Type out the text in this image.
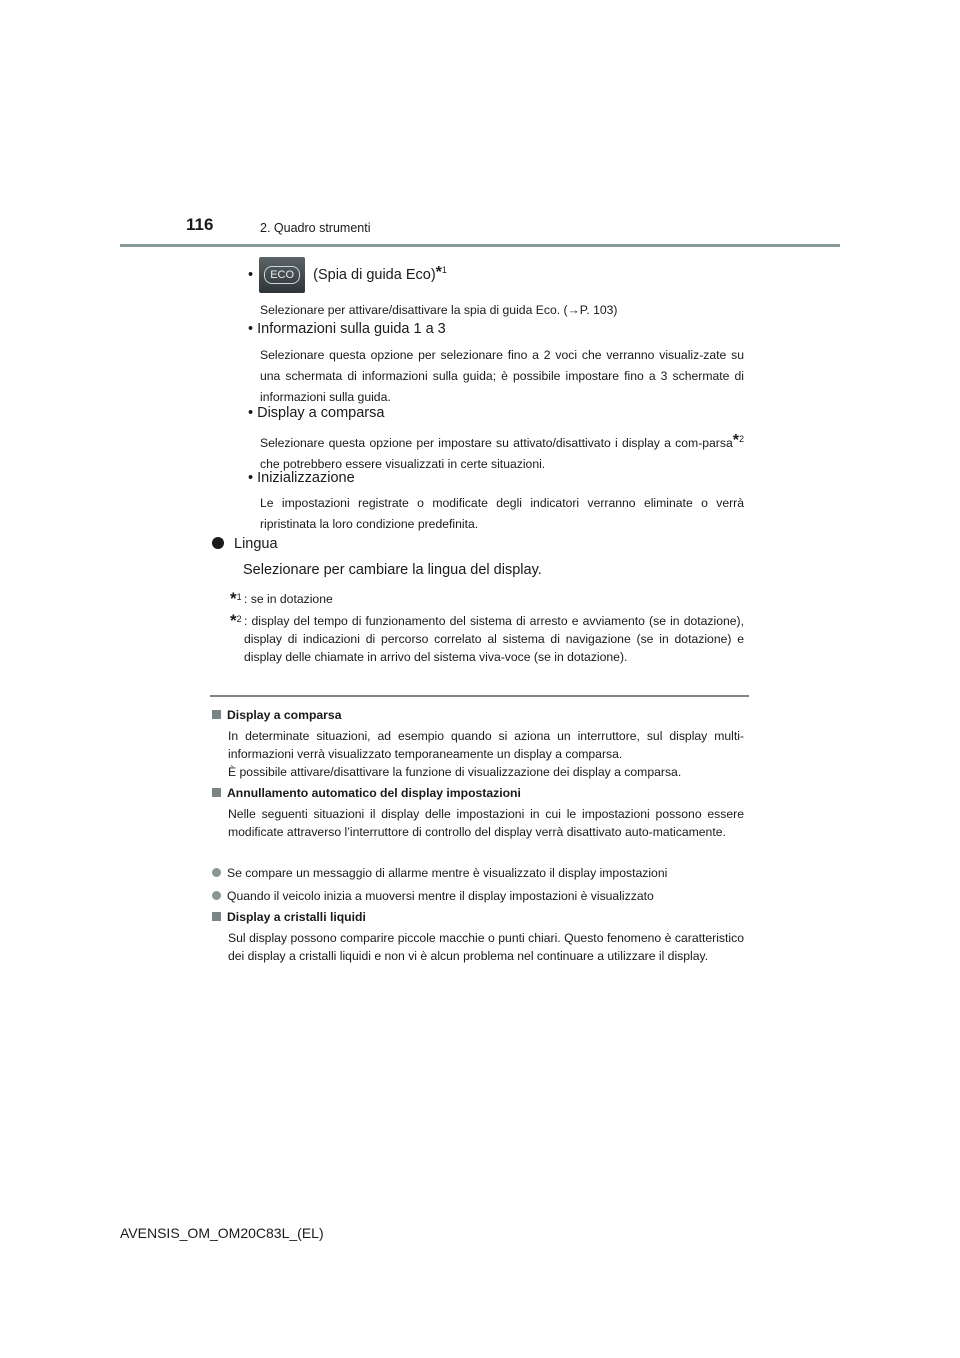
116	2. Quadro strumenti
•	ECO	(Spia di guida Eco)*$^1$
Selezionare per attivare/disattivare la spia di guida Eco. (→P. 103)
• Informazioni sulla guida 1 a 3
Selezionare questa opzione per selezionare fino a 2 voci che verranno visualiz-zate su una schermata di informazioni sulla guida; è possibile impostare fino a 3 schermate di informazioni sulla guida.
• Display a comparsa
Selezionare questa opzione per impostare su attivato/disattivato i display a com-parsa*$^2$ che potrebbero essere visualizzati in certe situazioni.
• Inizializzazione
Le impostazioni registrate o modificate degli indicatori verranno eliminate o verrà ripristinata la loro condizione predefinita.
Lingua
Selezionare per cambiare la lingua del display.
*$^1$ : se in dotazione
*$^2$ : display del tempo di funzionamento del sistema di arresto e avviamento (se in dotazione), display di indicazioni di percorso correlato al sistema di navigazione (se in dotazione) e display delle chiamate in arrivo del sistema viva-voce (se in dotazione).
Display a comparsa
In determinate situazioni, ad esempio quando si aziona un interruttore, sul display multi-informazioni verrà visualizzato temporaneamente un display a comparsa.
È possibile attivare/disattivare la funzione di visualizzazione dei display a comparsa.
Annullamento automatico del display impostazioni
Nelle seguenti situazioni il display delle impostazioni in cui le impostazioni possono essere modificate attraverso l’interruttore di controllo del display verrà disattivato auto-maticamente.
Se compare un messaggio di allarme mentre è visualizzato il display impostazioni
Quando il veicolo inizia a muoversi mentre il display impostazioni è visualizzato
Display a cristalli liquidi
Sul display possono comparire piccole macchie o punti chiari. Questo fenomeno è caratteristico dei display a cristalli liquidi e non vi è alcun problema nel continuare a utilizzare il display.
AVENSIS_OM_OM20C83L_(EL)
